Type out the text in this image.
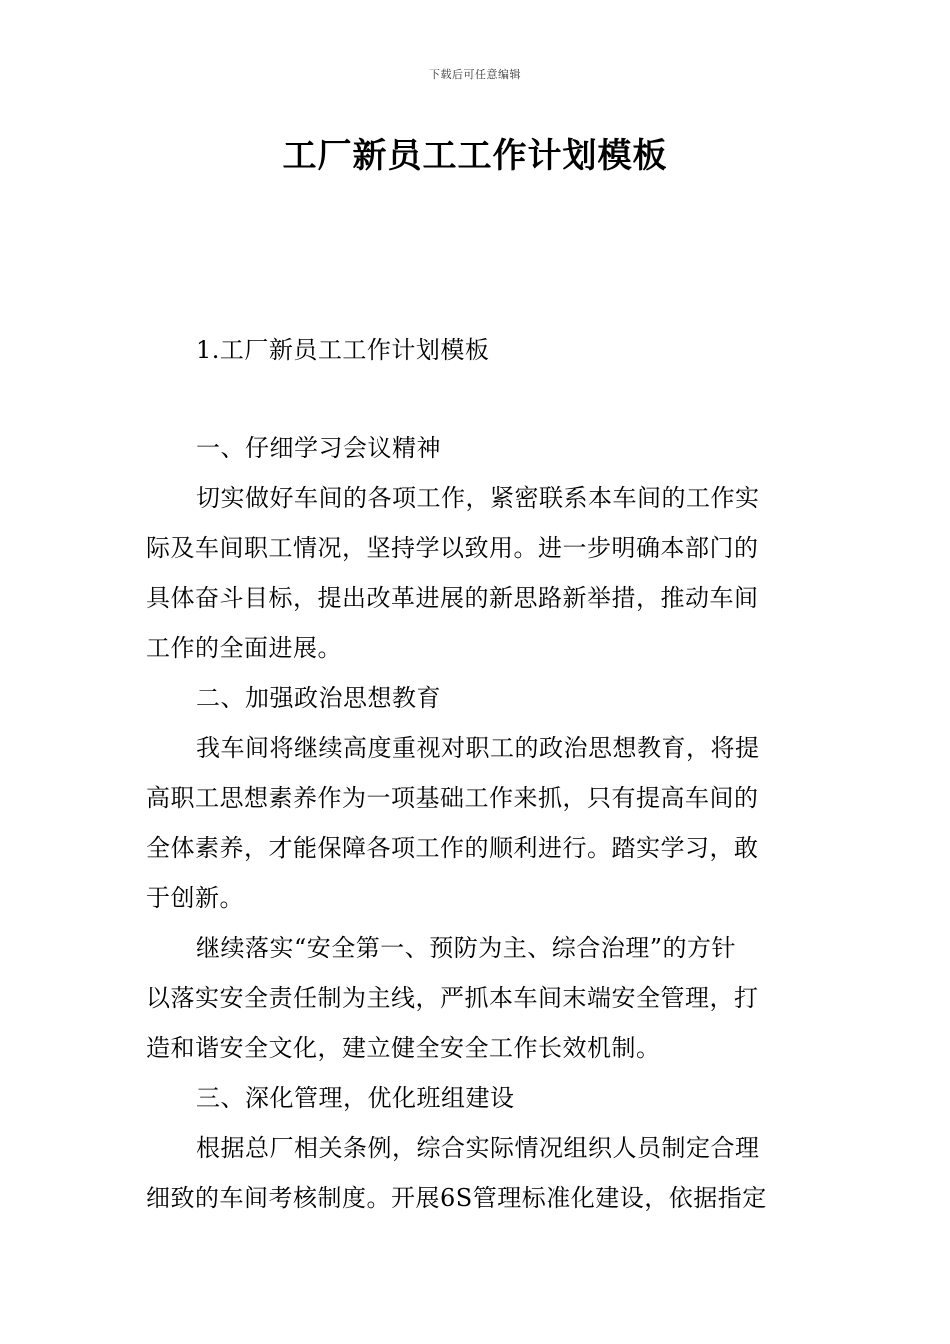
下载后可任意编辑
工厂新员工工作计划模板
1.工厂新员工工作计划模板
一、仔细学习会议精神
切实做好车间的各项工作，紧密联系本车间的工作实
际及车间职工情况，坚持学以致用。进一步明确本部门的
具体奋斗目标，提出改革进展的新思路新举措，推动车间
工作的全面进展。
二、加强政治思想教育
我车间将继续高度重视对职工的政治思想教育，将提
高职工思想素养作为一项基础工作来抓，只有提高车间的
全体素养，才能保障各项工作的顺利进行。踏实学习，敢
于创新。
继续落实“安全第一、预防为主、综合治理”的方针
以落实安全责任制为主线，严抓本车间末端安全管理，打
造和谐安全文化，建立健全安全工作长效机制。
三、深化管理，优化班组建设
根据总厂相关条例，综合实际情况组织人员制定合理
细致的车间考核制度。开展6S管理标准化建设，依据指定
